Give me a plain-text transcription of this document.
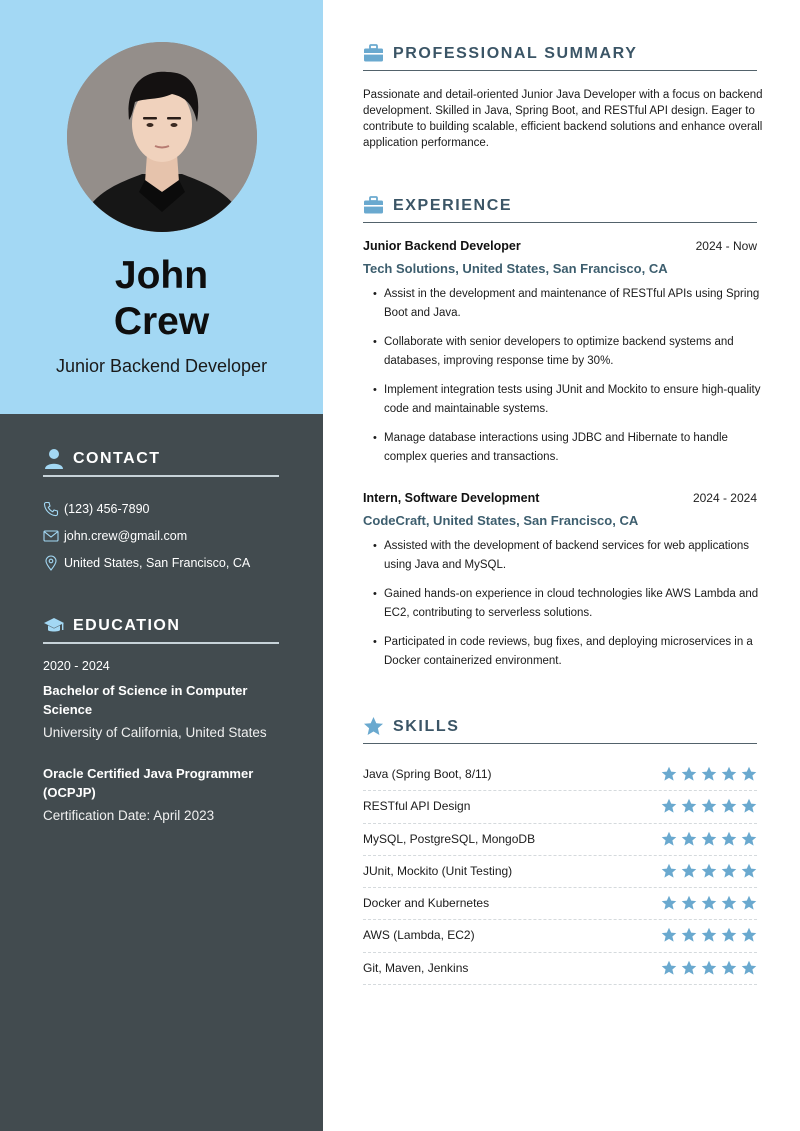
John
Crew
Junior Backend Developer
CONTACT
(123) 456-7890
john.crew@gmail.com
United States, San Francisco, CA
EDUCATION
2020 - 2024
Bachelor of Science in Computer Science
University of California, United States
Oracle Certified Java Programmer (OCPJP)
Certification Date: April 2023
PROFESSIONAL SUMMARY
Passionate and detail-oriented Junior Java Developer with a focus on backend development. Skilled in Java, Spring Boot, and RESTful API design. Eager to contribute to building scalable, efficient backend solutions and enhance overall application performance.
EXPERIENCE
Junior Backend Developer	2024 - Now
Tech Solutions, United States, San Francisco, CA
• Assist in the development and maintenance of RESTful APIs using Spring Boot and Java.
• Collaborate with senior developers to optimize backend systems and databases, improving response time by 30%.
• Implement integration tests using JUnit and Mockito to ensure high-quality code and maintainable systems.
• Manage database interactions using JDBC and Hibernate to handle complex queries and transactions.
Intern, Software Development	2024 - 2024
CodeCraft, United States, San Francisco, CA
• Assisted with the development of backend services for web applications using Java and MySQL.
• Gained hands-on experience in cloud technologies like AWS Lambda and EC2, contributing to serverless solutions.
• Participated in code reviews, bug fixes, and deploying microservices in a Docker containerized environment.
SKILLS
Java (Spring Boot, 8/11)
RESTful API Design
MySQL, PostgreSQL, MongoDB
JUnit, Mockito (Unit Testing)
Docker and Kubernetes
AWS (Lambda, EC2)
Git, Maven, Jenkins
